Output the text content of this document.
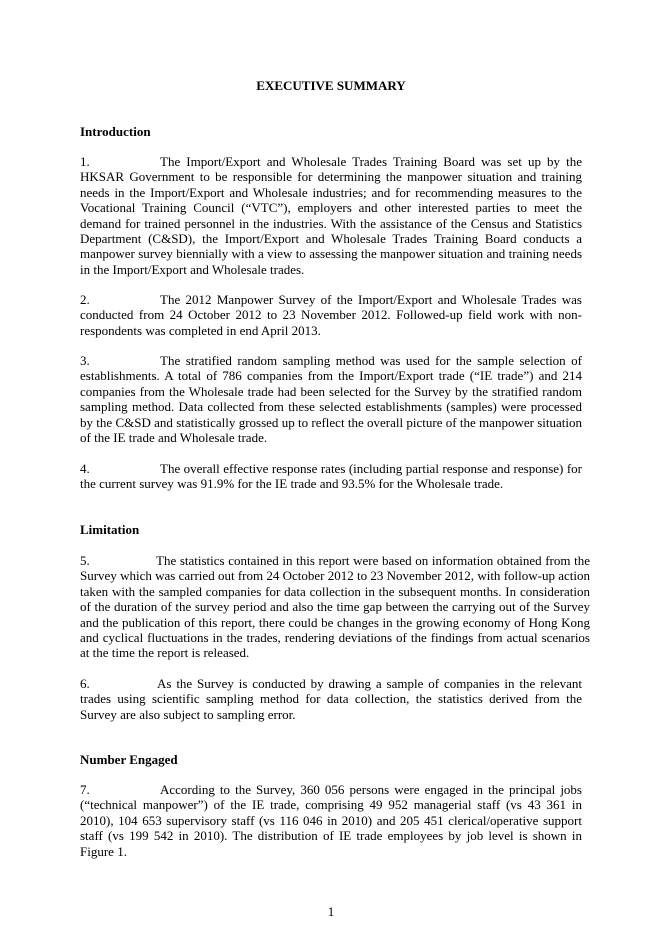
EXECUTIVE SUMMARY
Introduction
1.	The Import/Export and Wholesale Trades Training Board was set up by the HKSAR Government to be responsible for determining the manpower situation and training needs in the Import/Export and Wholesale industries; and for recommending measures to the Vocational Training Council (“VTC”), employers and other interested parties to meet the demand for trained personnel in the industries. With the assistance of the Census and Statistics Department (C&SD), the Import/Export and Wholesale Trades Training Board conducts a manpower survey biennially with a view to assessing the manpower situation and training needs in the Import/Export and Wholesale trades.
2.	The 2012 Manpower Survey of the Import/Export and Wholesale Trades was conducted from 24 October 2012 to 23 November 2012. Followed-up field work with non-respondents was completed in end April 2013.
3.	The stratified random sampling method was used for the sample selection of establishments. A total of 786 companies from the Import/Export trade (“IE trade”) and 214 companies from the Wholesale trade had been selected for the Survey by the stratified random sampling method. Data collected from these selected establishments (samples) were processed by the C&SD and statistically grossed up to reflect the overall picture of the manpower situation of the IE trade and Wholesale trade.
4.	The overall effective response rates (including partial response and response) for the current survey was 91.9% for the IE trade and 93.5% for the Wholesale trade.
Limitation
5.	The statistics contained in this report were based on information obtained from the Survey which was carried out from 24 October 2012 to 23 November 2012, with follow-up action taken with the sampled companies for data collection in the subsequent months. In consideration of the duration of the survey period and also the time gap between the carrying out of the Survey and the publication of this report, there could be changes in the growing economy of Hong Kong and cyclical fluctuations in the trades, rendering deviations of the findings from actual scenarios at the time the report is released.
6.	As the Survey is conducted by drawing a sample of companies in the relevant trades using scientific sampling method for data collection, the statistics derived from the Survey are also subject to sampling error.
Number Engaged
7.	According to the Survey, 360 056 persons were engaged in the principal jobs (“technical manpower”) of the IE trade, comprising 49 952 managerial staff (vs 43 361 in 2010), 104 653 supervisory staff (vs 116 046 in 2010) and 205 451 clerical/operative support staff (vs 199 542 in 2010). The distribution of IE trade employees by job level is shown in Figure 1.
1
